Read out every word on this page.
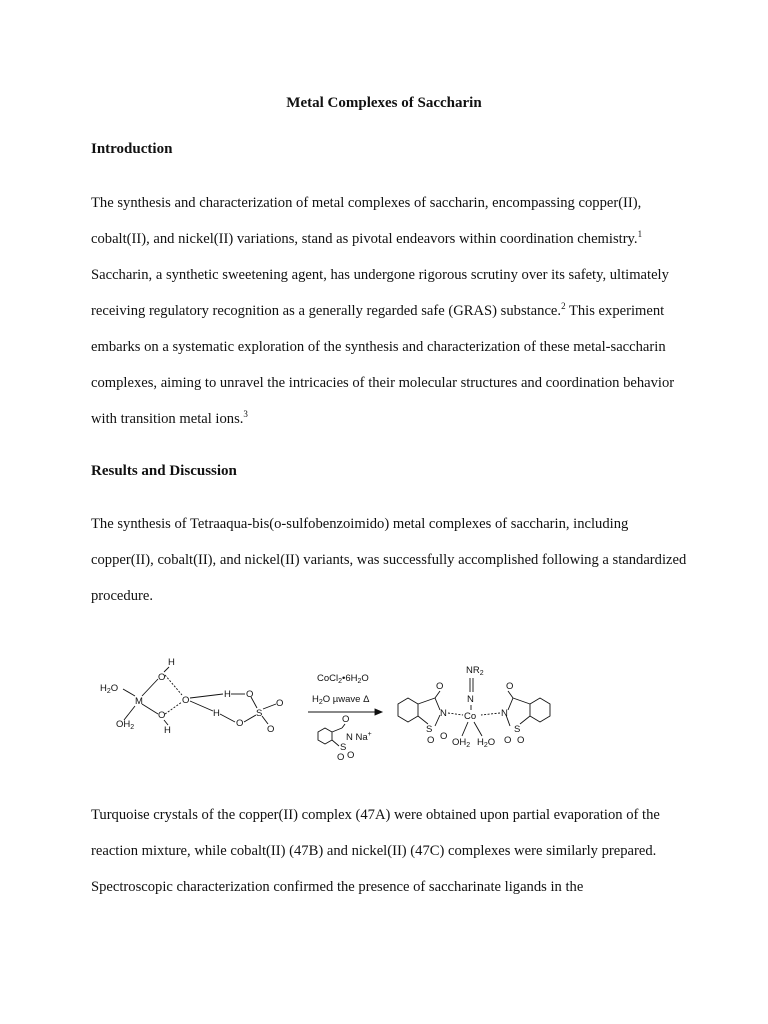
Metal Complexes of Saccharin
Introduction

The synthesis and characterization of metal complexes of saccharin, encompassing copper(II), cobalt(II), and nickel(II) variations, stand as pivotal endeavors within coordination chemistry.$^1$ Saccharin, a synthetic sweetening agent, has undergone rigorous scrutiny over its safety, ultimately receiving regulatory recognition as a generally regarded safe (GRAS) substance.$^2$ This experiment embarks on a systematic exploration of the synthesis and characterization of these metal-saccharin complexes, aiming to unravel the intricacies of their molecular structures and coordination behavior with transition metal ions.$^3$

Results and Discussion

The synthesis of Tetraaqua-bis(o-sulfobenzoimido) metal complexes of saccharin, including copper(II), cobalt(II), and nickel(II) variants, was successfully accomplished following a standardized procedure.

$H_2O$
M
$OH_2$
O
H
O
H
O
H
H
O
O
S
O
O
$CoCl_2•6H_2O$
$H_2O$ µwave Δ
O
N Na+
S
O O
$NR_2$
N
Co
O
N
S
O O
O
N
S
O O
$OH_2$ $H_2O$

Turquoise crystals of the copper(II) complex (47A) were obtained upon partial evaporation of the reaction mixture, while cobalt(II) (47B) and nickel(II) (47C) complexes were similarly prepared. Spectroscopic characterization confirmed the presence of saccharinate ligands in the
